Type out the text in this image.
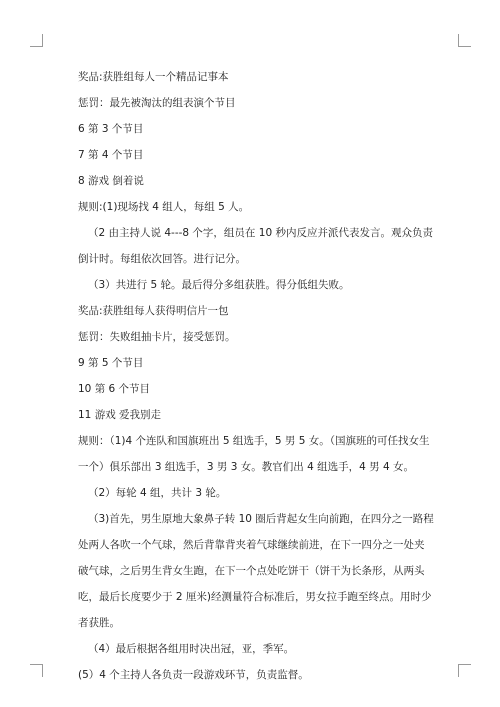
奖品:获胜组每人一个精品记事本

惩罚：最先被淘汰的组表演个节目

6 第 3 个节目

7 第 4 个节目

8 游戏 倒着说

规则:(1)现场找 4 组人，每组 5 人。

（2 由主持人说 4---8 个字，组员在 10 秒内反应并派代表发言。观众负责倒计时。每组依次回答。进行记分。

（3）共进行 5 轮。最后得分多组获胜。得分低组失败。

奖品:获胜组每人获得明信片一包

惩罚：失败组抽卡片，接受惩罚。

9 第 5 个节目

10 第 6 个节目

11 游戏 爱我别走

规则：（1)4 个连队和国旗班出 5 组选手，5 男 5 女。（国旗班的可任找女生一个）俱乐部出 3 组选手，3 男 3 女。教官们出 4 组选手，4 男 4 女。

（2）每轮 4 组，共计 3 轮。

（3)首先，男生原地大象鼻子转 10 圈后背起女生向前跑，在四分之一路程处两人各吹一个气球，然后背靠背夹着气球继续前进，在下一四分之一处夹破气球，之后男生背女生跑，在下一个点处吃饼干（饼干为长条形，从两头吃，最后长度要少于 2 厘米)经测量符合标准后，男女拉手跑至终点。用时少者获胜。

（4）最后根据各组用时决出冠，亚，季军。

(5）4 个主持人各负责一段游戏环节，负责监督。
